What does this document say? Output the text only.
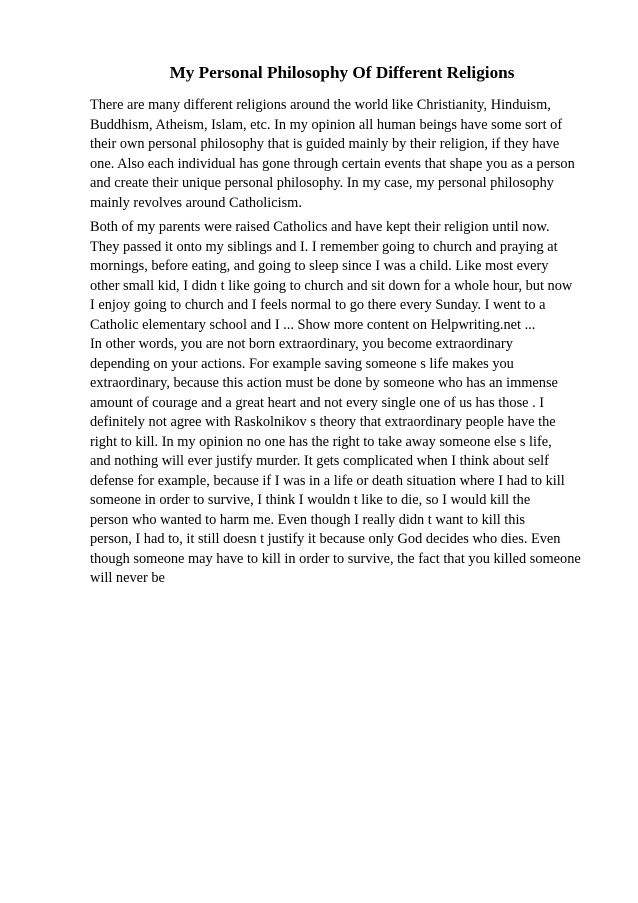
My Personal Philosophy Of Different Religions

There are many different religions around the world like Christianity, Hinduism,
Buddhism, Atheism, Islam, etc. In my opinion all human beings have some sort of
their own personal philosophy that is guided mainly by their religion, if they have
one. Also each individual has gone through certain events that shape you as a person
and create their unique personal philosophy. In my case, my personal philosophy
mainly revolves around Catholicism.

Both of my parents were raised Catholics and have kept their religion until now.
They passed it onto my siblings and I. I remember going to church and praying at
mornings, before eating, and going to sleep since I was a child. Like most every
other small kid, I didn t like going to church and sit down for a whole hour, but now
I enjoy going to church and I feels normal to go there every Sunday. I went to a
Catholic elementary school and I ... Show more content on Helpwriting.net ...
In other words, you are not born extraordinary, you become extraordinary
depending on your actions. For example saving someone s life makes you
extraordinary, because this action must be done by someone who has an immense
amount of courage and a great heart and not every single one of us has those . I
definitely not agree with Raskolnikov s theory that extraordinary people have the
right to kill. In my opinion no one has the right to take away someone else s life,
and nothing will ever justify murder. It gets complicated when I think about self
defense for example, because if I was in a life or death situation where I had to kill
someone in order to survive, I think I wouldn t like to die, so I would kill the
person who wanted to harm me. Even though I really didn t want to kill this
person, I had to, it still doesn t justify it because only God decides who dies. Even
though someone may have to kill in order to survive, the fact that you killed someone
will never be
